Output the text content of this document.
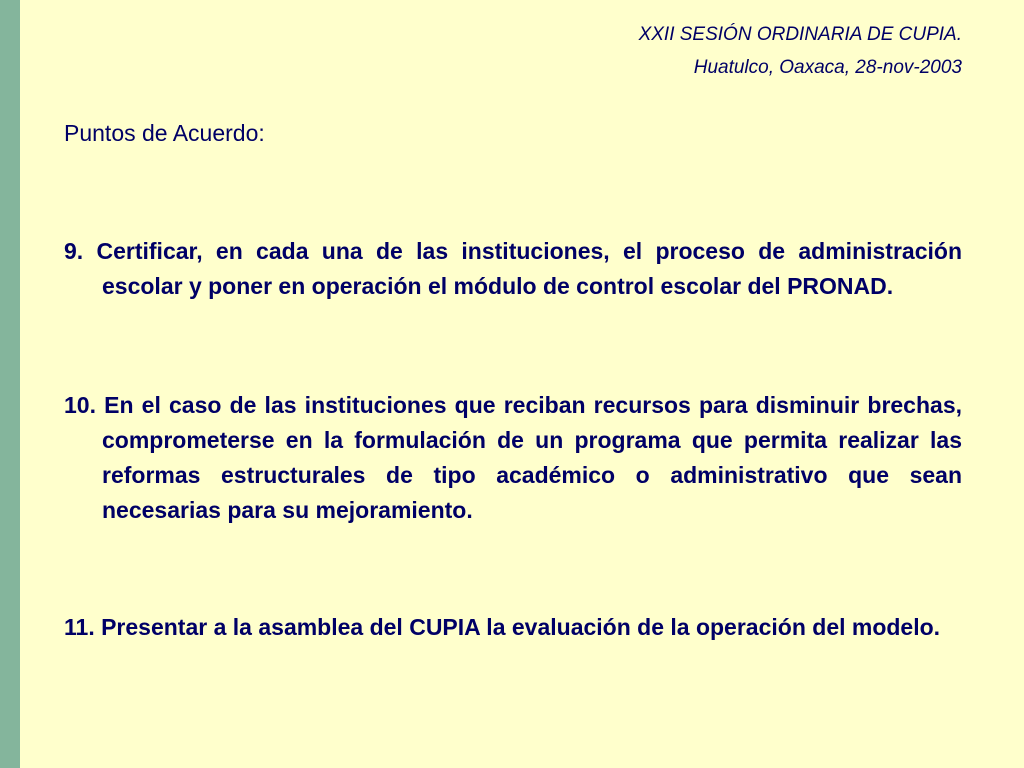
XXII SESIÓN ORDINARIA DE CUPIA.
Huatulco, Oaxaca, 28-nov-2003
Puntos de Acuerdo:
9. Certificar, en cada una de las instituciones, el proceso de administración escolar y poner en operación el módulo de control escolar del PRONAD.
10. En el caso de las instituciones que reciban recursos para disminuir brechas, comprometerse en la formulación de un programa que permita realizar las reformas estructurales de tipo académico o administrativo que sean necesarias para su mejoramiento.
11. Presentar a la asamblea del CUPIA la evaluación de la operación del modelo.
